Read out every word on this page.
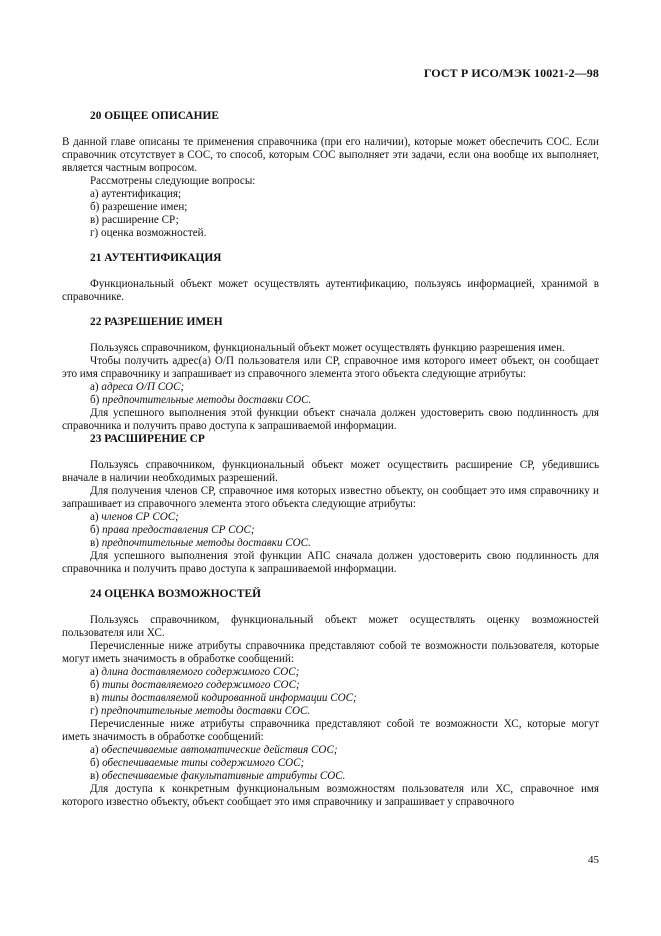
ГОСТ Р ИСО/МЭК 10021-2—98

20 ОБЩЕЕ ОПИСАНИЕ

В данной главе описаны те применения справочника (при его наличии), которые может обеспечить СОС. Если справочник отсутствует в СОС, то способ, которым СОС выполняет эти задачи, если она вообще их выполняет, является частным вопросом.

Рассмотрены следующие вопросы:

а) аутентификация;

б) разрешение имен;

в) расширение СР;

г) оценка возможностей.

21 АУТЕНТИФИКАЦИЯ

Функциональный объект может осуществлять аутентификацию, пользуясь информацией, хранимой в справочнике.

22 РАЗРЕШЕНИЕ ИМЕН

Пользуясь справочником, функциональный объект может осуществлять функцию разрешения имен.

Чтобы получить адрес(а) О/П пользователя или СР, справочное имя которого имеет объект, он сообщает это имя справочнику и запрашивает из справочного элемента этого объекта следующие атрибуты:

а) адреса О/П СОС;

б) предпочтительные методы доставки СОС.

Для успешного выполнения этой функции объект сначала должен удостоверить свою подлинность для справочника и получить право доступа к запрашиваемой информации.

23 РАСШИРЕНИЕ СР

Пользуясь справочником, функциональный объект может осуществить расширение СР, убедившись вначале в наличии необходимых разрешений.

Для получения членов СР, справочное имя которых известно объекту, он сообщает это имя справочнику и запрашивает из справочного элемента этого объекта следующие атрибуты:

а) членов СР СОС;

б) права предоставления СР СОС;

в) предпочтительные методы доставки СОС.

Для успешного выполнения этой функции АПС сначала должен удостоверить свою подлинность для справочника и получить право доступа к запрашиваемой информации.

24 ОЦЕНКА ВОЗМОЖНОСТЕЙ

Пользуясь справочником, функциональный объект может осуществлять оценку возможностей пользователя или ХС.

Перечисленные ниже атрибуты справочника представляют собой те возможности пользователя, которые могут иметь значимость в обработке сообщений:

а) длина доставляемого содержимого СОС;

б) типы доставляемого содержимого СОС;

в) типы доставляемой кодированной информации СОС;

г) предпочтительные методы доставки СОС.

Перечисленные ниже атрибуты справочника представляют собой те возможности ХС, которые могут иметь значимость в обработке сообщений:

а) обеспечиваемые автоматические действия СОС;

б) обеспечиваемые типы содержимого СОС;

в) обеспечиваемые факультативные атрибуты СОС.

Для доступа к конкретным функциональным возможностям пользователя или ХС, справочное имя которого известно объекту, объект сообщает это имя справочнику и запрашивает у справочного

45
